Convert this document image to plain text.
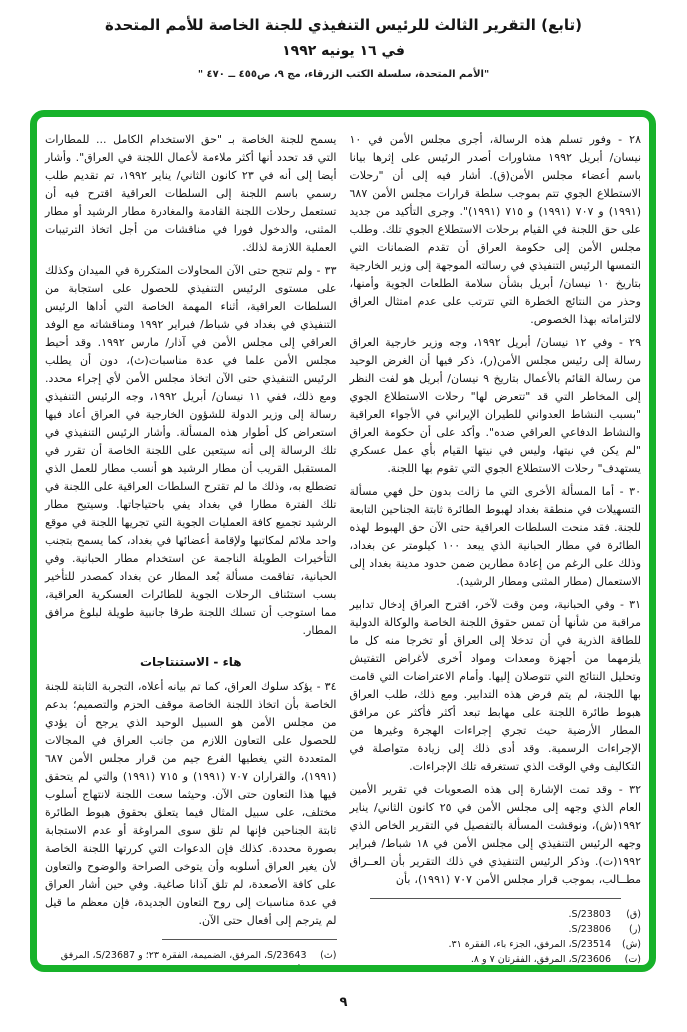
(تابع) التقرير الثالث للرئيس التنفيذي للجنة الخاصة للأمم المتحدة
في ١٦ يونيه ١٩٩٢
"الأمم المتحدة، سلسلة الكتب الزرقاء، مج ٩، ص٤٥٥ ــ ٤٧٠ "

٢٨ - وفور تسلم هذه الرسالة، أجرى مجلس الأمن في ١٠ نيسان/ أبريل ١٩٩٢ مشاورات أصدر الرئيس على إثرها بيانا باسم أعضاء مجلس الأمن(ق). أشار فيه إلى أن "رحلات الاستطلاع الجوي تتم بموجب سلطة قرارات مجلس الأمن ٦٨٧ (١٩٩١) و ٧٠٧ (١٩٩١) و ٧١٥ (١٩٩١)". وجرى التأكيد من جديد على حق اللجنة في القيام برحلات الاستطلاع الجوي تلك. وطلب مجلس الأمن إلى حكومة العراق أن تقدم الضمانات التي التمسها الرئيس التنفيذي في رسالته الموجهة إلى وزير الخارجية بتاريخ ١٠ نيسان/ أبريل بشأن سلامة الطلعات الجوية وأمنها، وحذر من النتائج الخطرة التي تترتب على عدم امتثال العراق لالتزاماته بهذا الخصوص.

٢٩ - وفي ١٢ نيسان/ أبريل ١٩٩٢، وجه وزير خارجية العراق رسالة إلى رئيس مجلس الأمن(ر)، ذكر فيها أن الغرض الوحيد من رسالة القائم بالأعمال بتاريخ ٩ نيسان/ أبريل هو لفت النظر إلى المخاطر التي قد "تتعرض لها" رحلات الاستطلاع الجوي "بسبب النشاط العدواني للطيران الإيراني في الأجواء العراقية والنشاط الدفاعي العراقي ضده". وأكد على أن حكومة العراق "لم يكن في نيتها، وليس في نيتها القيام بأي عمل عسكري يستهدف" رحلات الاستطلاع الجوي التي تقوم بها اللجنة.

٣٠ - أما المسألة الأخرى التي ما زالت بدون حل فهي مسألة التسهيلات في منطقة بغداد لهبوط الطائرة ثابتة الجناحين التابعة للجنة. فقد منحت السلطات العراقية حتى الآن حق الهبوط لهذه الطائرة في مطار الحبانية الذي يبعد ١٠٠ كيلومتر عن بغداد، وذلك على الرغم من إعادة مطارين ضمن حدود مدينة بغداد إلى الاستعمال (مطار المثنى ومطار الرشيد).

٣١ - وفي الحبانية، ومن وقت لآخر، اقترح العراق إدخال تدابير مراقبة من شأنها أن تمس حقوق اللجنة الخاصة والوكالة الدولية للطاقة الذرية في أن تدخلا إلى العراق أو تخرجا منه كل ما يلزمهما من أجهزة ومعدات ومواد أخرى لأغراض التفتيش وتحليل النتائج التي تتوصلان إليها. وأمام الاعتراضات التي قامت بها اللجنة، لم يتم فرض هذه التدابير. ومع ذلك، طلب العراق هبوط طائرة اللجنة على مهابط تبعد أكثر فأكثر عن مرافق المطار الأرضية حيث تجري إجراءات الهجرة وغيرها من الإجراءات الرسمية. وقد أدى ذلك إلى زيادة متواصلة في التكاليف وفي الوقت الذي تستغرقه تلك الإجراءات.

٣٢ - وقد تمت الإشارة إلى هذه الصعوبات في تقرير الأمين العام الذي وجهه إلى مجلس الأمن في ٢٥ كانون الثاني/ يناير ١٩٩٢(ش)، ونوقشت المسألة بالتفصيل في التقرير الخاص الذي وجهه الرئيس التنفيذي إلى مجلس الأمن في ١٨ شباط/ فبراير ١٩٩٢(ت). وذكر الرئيس التنفيذي في ذلك التقرير بأن العــراق مطــالب، بموجب قرار مجلس الأمن ٧٠٧ (١٩٩١)، بأن

(ق)
S/23803.
(ر)
S/23806.
(ش)
S/23514، المرفق، الجزء باء، الفقرة ٣١.
(ت)
S/23606، المرفق، الفقرتان ٧ و ٨.

يسمح للجنة الخاصة بـ "حق الاستخدام الكامل ... للمطارات التي قد تحدد أنها أكثر ملاءمة لأعمال اللجنة في العراق". وأشار أيضا إلى أنه في ٢٣ كانون الثاني/ يناير ١٩٩٢، تم تقديم طلب رسمي باسم اللجنة إلى السلطات العراقية اقترح فيه أن تستعمل رحلات اللجنة القادمة والمغادرة مطار الرشيد أو مطار المثنى، والدخول فورا في مناقشات من أجل اتخاذ الترتيبات العملية اللازمة لذلك.

٣٣ - ولم تنجح حتى الآن المحاولات المتكررة في الميدان وكذلك على مستوى الرئيس التنفيذي للحصول على استجابة من السلطات العراقية، أثناء المهمة الخاصة التي أداها الرئيس التنفيذي في بغداد في شباط/ فبراير ١٩٩٢ ومناقشاته مع الوفد العراقي إلى مجلس الأمن في آذار/ مارس ١٩٩٢. وقد أحيط مجلس الأمن علما في عدة مناسبات(ث)، دون أن يطلب الرئيس التنفيذي حتى الآن اتخاذ مجلس الأمن لأي إجراء محدد. ومع ذلك، ففي ١١ نيسان/ أبريل ١٩٩٢، وجه الرئيس التنفيذي رسالة إلى وزير الدولة للشؤون الخارجية في العراق أعاد فيها استعراض كل أطوار هذه المسألة. وأشار الرئيس التنفيذي في تلك الرسالة إلى أنه سيتعين على اللجنة الخاصة أن تقرر في المستقبل القريب أن مطار الرشيد هو أنسب مطار للعمل الذي تضطلع به، وذلك ما لم تقترح السلطات العراقية على اللجنة في تلك الفترة مطارا في بغداد يفي باحتياجاتها. وسيتيح مطار الرشيد تجميع كافة العمليات الجوية التي تجريها اللجنة في موقع واحد ملائم لمكاتبها ولإقامة أعضائها في بغداد، كما يسمح بتجنب التأخيرات الطويلة الناجمة عن استخدام مطار الحبانية. وفي الحبانية، تفاقمت مسألة بُعد المطار عن بغداد كمصدر للتأخير بسب استئناف الرحلات الجوية للطائرات العسكرية العراقية، مما استوجب أن تسلك اللجنة طرقا جانبية طويلة لبلوغ مرافق المطار.

هاء - الاستنتاجات

٣٤ - يؤكد سلوك العراق، كما تم بيانه أعلاه، التجربة الثابتة للجنة الخاصة بأن اتخاذ اللجنة الخاصة موقف الحزم والتصميم؛ بدعم من مجلس الأمن هو السبيل الوحيد الذي يرجح أن يؤدي للحصول على التعاون اللازم من جانب العراق في المجالات المتعددة التي يغطيها الفرع جيم من قرار مجلس الأمن ٦٨٧ (١٩٩١)، والقراران ٧٠٧ (١٩٩١) و ٧١٥ (١٩٩١) والتي لم يتحقق فيها هذا التعاون حتى الآن. وحيثما سعت اللجنة لانتهاج أسلوب مختلف، على سبيل المثال فيما يتعلق بحقوق هبوط الطائرة ثابتة الجناحين فإنها لم تلق سوى المراوغة أو عدم الاستجابة بصورة محددة. كذلك فإن الدعوات التي كررتها اللجنة الخاصة لأن يغير العراق أسلوبه وأن يتوخى الصراحة والوضوح والتعاون على كافة الأصعدة، لم تلق آذانا صاغية. وفي حين أشار العراق في عدة مناسبات إلى روح التعاون الجديدة، فإن معظم ما قيل لم يترجم إلى أفعال حتى الآن.

(ث)
S/23643، المرفق، الضميمة، الفقرة ٢٣؛ و S/23687، المرفق الأول، الفقرة ١٧.
٩
